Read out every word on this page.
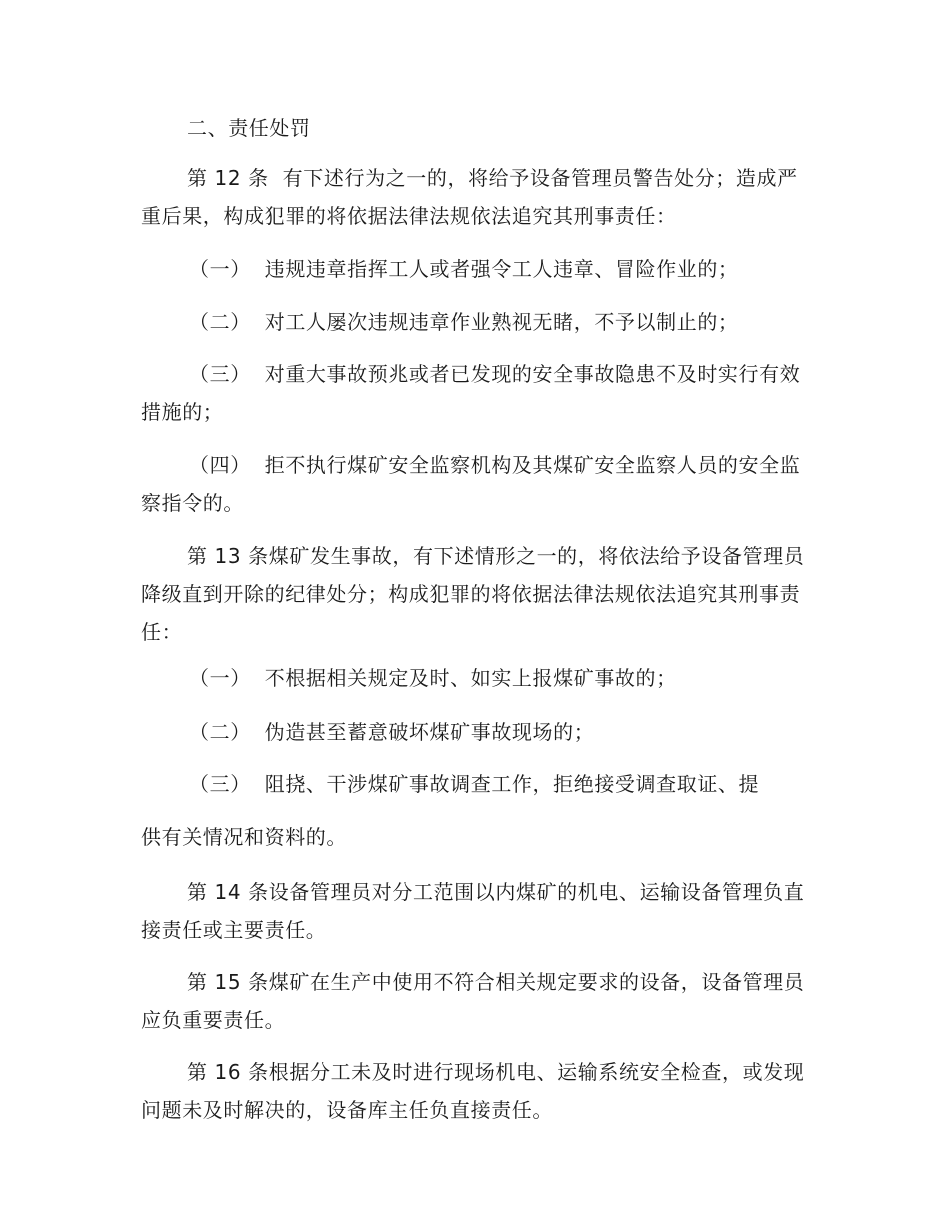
二、责任处罚

第 12 条  有下述行为之一的，将给予设备管理员警告处分；造成严重后果，构成犯罪的将依据法律法规依法追究其刑事责任：

（一）  违规违章指挥工人或者强令工人违章、冒险作业的；

（二）  对工人屡次违规违章作业熟视无睹，不予以制止的；

（三）  对重大事故预兆或者已发现的安全事故隐患不及时实行有效措施的；

（四）  拒不执行煤矿安全监察机构及其煤矿安全监察人员的安全监察指令的。

第 13 条煤矿发生事故，有下述情形之一的，将依法给予设备管理员降级直到开除的纪律处分；构成犯罪的将依据法律法规依法追究其刑事责任：

（一）  不根据相关规定及时、如实上报煤矿事故的；

（二）  伪造甚至蓄意破坏煤矿事故现场的；

（三）  阻挠、干涉煤矿事故调查工作，拒绝接受调查取证、提

供有关情况和资料的。

第 14 条设备管理员对分工范围以内煤矿的机电、运输设备管理负直接责任或主要责任。

第 15 条煤矿在生产中使用不符合相关规定要求的设备，设备管理员应负重要责任。

第 16 条根据分工未及时进行现场机电、运输系统安全检查，或发现问题未及时解决的，设备库主任负直接责任。
